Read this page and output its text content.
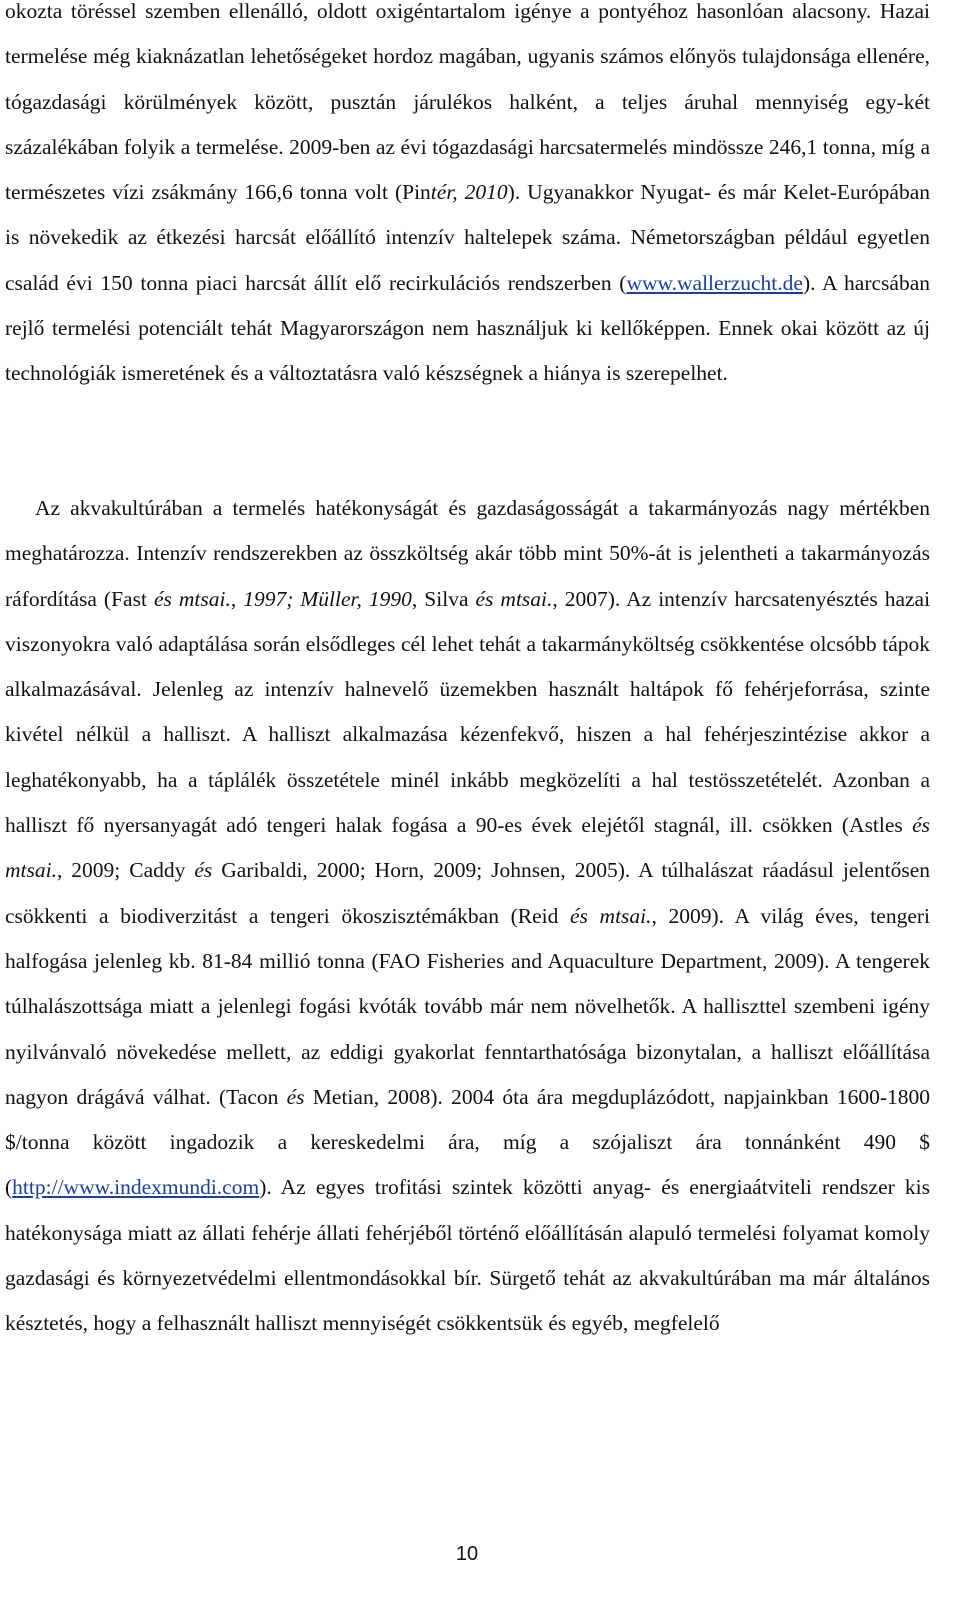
okozta töréssel szemben ellenálló, oldott oxigéntartalom igénye a pontyéhoz hasonlóan alacsony. Hazai termelése még kiaknázatlan lehetőségeket hordoz magában, ugyanis számos előnyös tulajdonsága ellenére, tógazdasági körülmények között, pusztán járulékos halként, a teljes áruhal mennyiség egy-két százalékában folyik a termelése. 2009-ben az évi tógazdasági harcsatermelés mindössze 246,1 tonna, míg a természetes vízi zsákmány 166,6 tonna volt (Pintér, 2010). Ugyanakkor Nyugat- és már Kelet-Európában is növekedik az étkezési harcsát előállító intenzív haltelepek száma. Németországban például egyetlen család évi 150 tonna piaci harcsát állít elő recirkulációs rendszerben (www.wallerzucht.de). A harcsában rejlő termelési potenciált tehát Magyarországon nem használjuk ki kellőképpen. Ennek okai között az új technológiák ismeretének és a változtatásra való készségnek a hiánya is szerepelhet.

Az akvakultúrában a termelés hatékonyságát és gazdaságosságát a takarmányozás nagy mértékben meghatározza. Intenzív rendszerekben az összköltség akár több mint 50%-át is jelentheti a takarmányozás ráfordítása (Fast és mtsai., 1997; Müller, 1990, Silva és mtsai., 2007). Az intenzív harcsatenyésztés hazai viszonyokra való adaptálása során elsődleges cél lehet tehát a takarmányköltség csökkentése olcsóbb tápok alkalmazásával. Jelenleg az intenzív halnevelő üzemekben használt haltápok fő fehérjeforrása, szinte kivétel nélkül a halliszt. A halliszt alkalmazása kézenfekvő, hiszen a hal fehérjeszintézise akkor a leghatékonyabb, ha a táplálék összetétele minél inkább megközelíti a hal testösszetételét. Azonban a halliszt fő nyersanyagát adó tengeri halak fogása a 90-es évek elejétől stagnál, ill. csökken (Astles és mtsai., 2009; Caddy és Garibaldi, 2000; Horn, 2009; Johnsen, 2005). A túlhalászat ráadásul jelentősen csökkenti a biodiverzitást a tengeri ökoszisztémákban (Reid és mtsai., 2009). A világ éves, tengeri halfogása jelenleg kb. 81-84 millió tonna (FAO Fisheries and Aquaculture Department, 2009). A tengerek túlhalászottsága miatt a jelenlegi fogási kvóták tovább már nem növelhetők. A halliszttel szembeni igény nyilvánvaló növekedése mellett, az eddigi gyakorlat fenntarthatósága bizonytalan, a halliszt előállítása nagyon drágává válhat. (Tacon és Metian, 2008). 2004 óta ára megduplázódott, napjainkban 1600-1800 $/tonna között ingadozik a kereskedelmi ára, míg a szójaliszt ára tonnánként 490 $ (http://www.indexmundi.com). Az egyes trofitási szintek közötti anyag- és energiaátviteli rendszer kis hatékonysága miatt az állati fehérje állati fehérjéből történő előállításán alapuló termelési folyamat komoly gazdasági és környezetvédelmi ellentmondásokkal bír. Sürgető tehát az akvakultúrában ma már általános késztetés, hogy a felhasznált halliszt mennyiségét csökkentsük és egyéb, megfelelő

10
